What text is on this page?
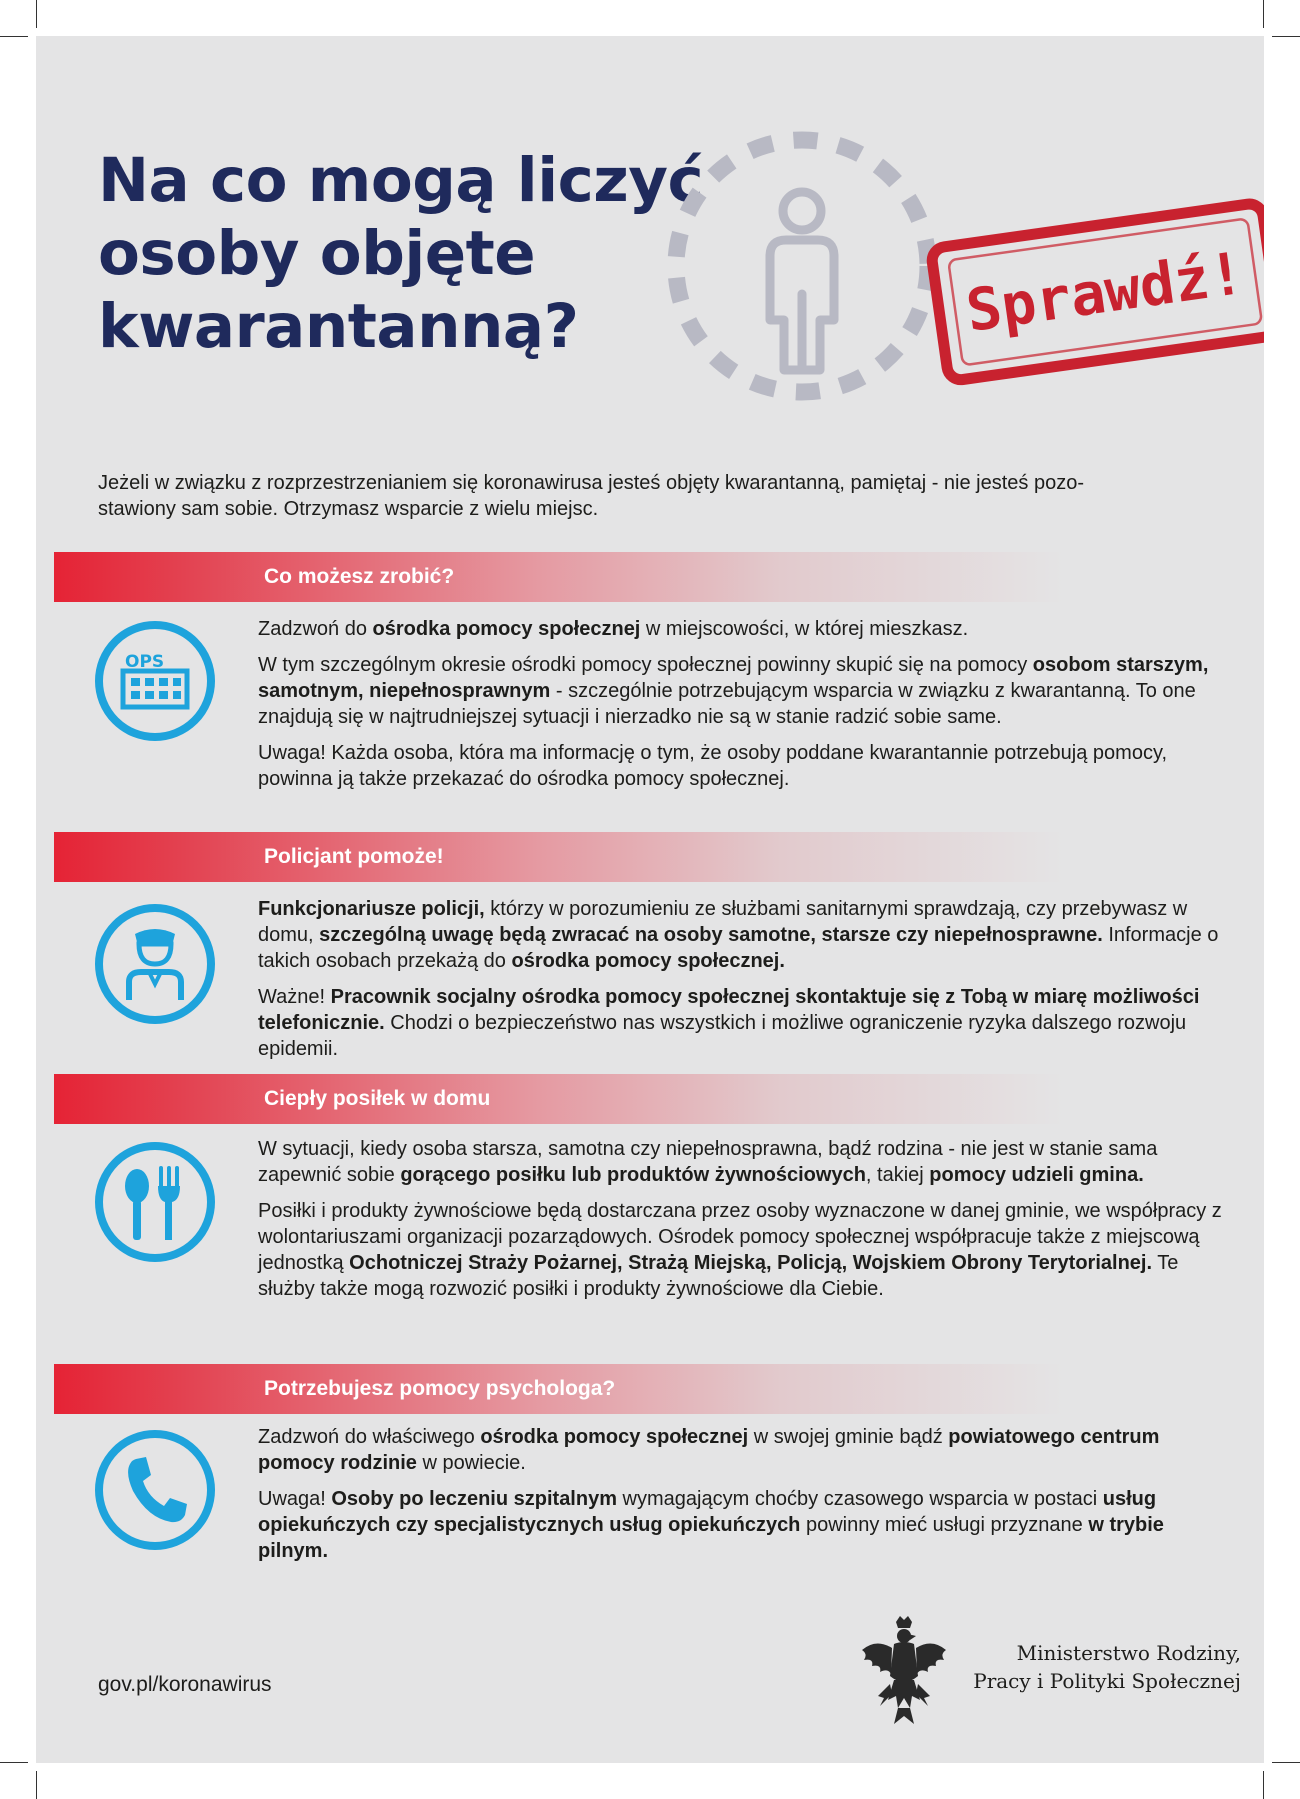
Na co mogą liczyć
osoby objęte
kwarantanną?	Sprawdź!

Jeżeli w związku z rozprzestrzenianiem się koronawirusa jesteś objęty kwarantanną, pamiętaj - nie jesteś pozo-
stawiony sam sobie. Otrzymasz wsparcie z wielu miejsc.

Co możesz zrobić?
OPS

Zadzwoń do ośrodka pomocy społecznej w miejscowości, w której mieszkasz.

W tym szczególnym okresie ośrodki pomocy społecznej powinny skupić się na pomocy osobom starszym, samotnym, niepełnosprawnym - szczególnie potrzebującym wsparcia w związku z kwarantanną. To one znajdują się w najtrudniejszej sytuacji i nierzadko nie są w stanie radzić sobie same.

Uwaga! Każda osoba, która ma informację o tym, że osoby poddane kwarantannie potrzebują pomocy, powinna ją także przekazać do ośrodka pomocy społecznej.

Policjant pomoże!

Funkcjonariusze policji, którzy w porozumieniu ze służbami sanitarnymi sprawdzają, czy przebywasz w domu, szczególną uwagę będą zwracać na osoby samotne, starsze czy niepełnosprawne. Informacje o takich osobach przekażą do ośrodka pomocy społecznej.

Ważne! Pracownik socjalny ośrodka pomocy społecznej skontaktuje się z Tobą w miarę możliwości telefonicznie. Chodzi o bezpieczeństwo nas wszystkich i możliwe ograniczenie ryzyka dalszego rozwoju epidemii.

Ciepły posiłek w domu

W sytuacji, kiedy osoba starsza, samotna czy niepełnosprawna, bądź rodzina - nie jest w stanie sama zapewnić sobie gorącego posiłku lub produktów żywnościowych, takiej pomocy udzieli gmina.

Posiłki i produkty żywnościowe będą dostarczana przez osoby wyznaczone w danej gminie, we współpracy z wolontariuszami organizacji pozarządowych. Ośrodek pomocy społecznej współpracuje także z miejscową jednostką Ochotniczej Straży Pożarnej, Strażą Miejską, Policją, Wojskiem Obrony Terytorialnej. Te służby także mogą rozwozić posiłki i produkty żywnościowe dla Ciebie.

Potrzebujesz pomocy psychologa?

Zadzwoń do właściwego ośrodka pomocy społecznej w swojej gminie bądź powiatowego centrum pomocy rodzinie w powiecie.

Uwaga! Osoby po leczeniu szpitalnym wymagającym choćby czasowego wsparcia w postaci usług opiekuńczych czy specjalistycznych usług opiekuńczych powinny mieć usługi przyznane w trybie pilnym.

gov.pl/koronawirus

Ministerstwo Rodziny,
Pracy i Polityki Społecznej
